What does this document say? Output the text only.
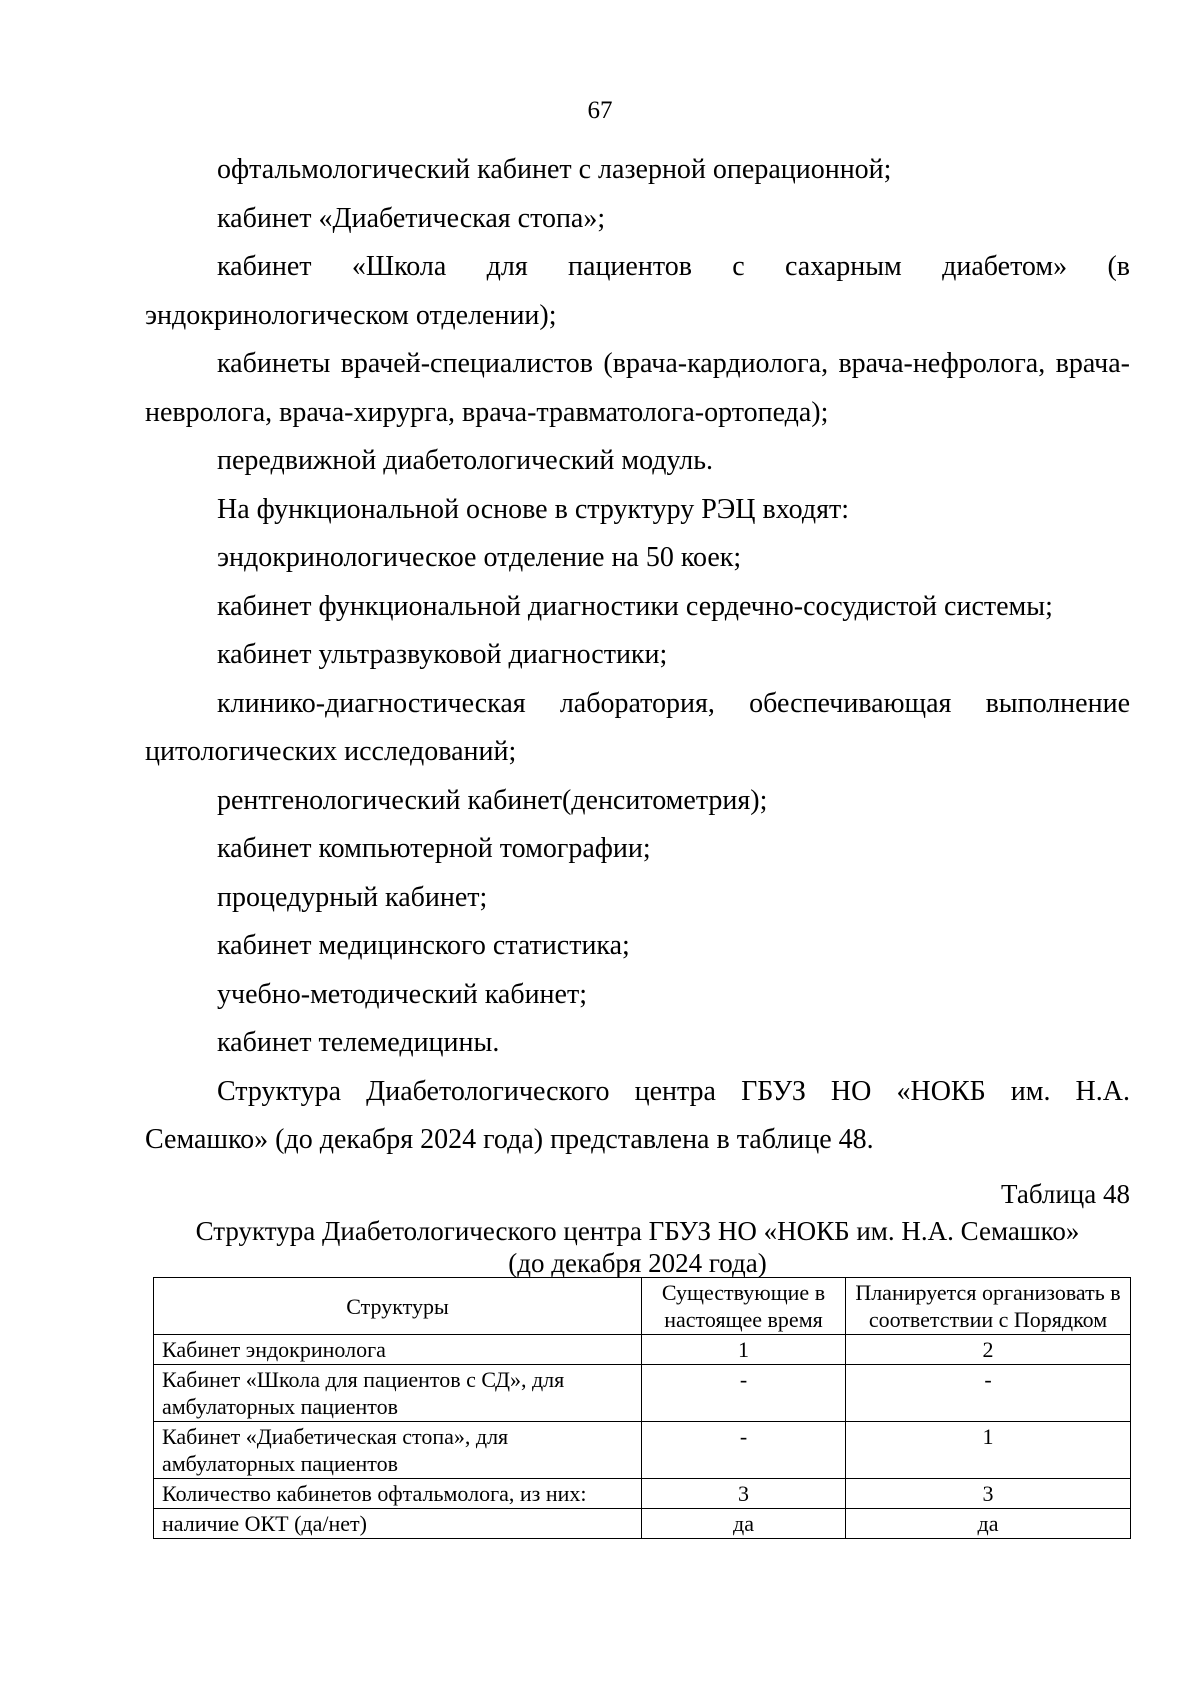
67

офтальмологический кабинет с лазерной операционной;

кабинет «Диабетическая стопа»;

кабинет «Школа для пациентов с сахарным диабетом» (в эндокринологическом отделении);

кабинеты врачей-специалистов (врача-кардиолога, врача-нефролога, врача-невролога, врача-хирурга, врача-травматолога-ортопеда);

передвижной диабетологический модуль.

На функциональной основе в структуру РЭЦ входят:

эндокринологическое отделение на 50 коек;

кабинет функциональной диагностики сердечно-сосудистой системы;

кабинет ультразвуковой диагностики;

клинико-диагностическая лаборатория, обеспечивающая выполнение цитологических исследований;

рентгенологический кабинет(денситометрия);

кабинет компьютерной томографии;

процедурный кабинет;

кабинет медицинского статистика;

учебно-методический кабинет;

кабинет телемедицины.

Структура Диабетологического центра ГБУЗ НО «НОКБ им. Н.А. Семашко» (до декабря 2024 года) представлена в таблице 48.

Таблица 48
Структура Диабетологического центра ГБУЗ НО «НОКБ им. Н.А. Семашко»
(до декабря 2024 года)
Структуры	Существующие в настоящее время	Планируется организовать в соответствии с Порядком
Кабинет эндокринолога	1	2
Кабинет «Школа для пациентов с СД», для амбулаторных пациентов	-	-
Кабинет «Диабетическая стопа», для амбулаторных пациентов	-	1
Количество кабинетов офтальмолога, из них:	3	3
наличие ОКТ (да/нет)	да	да
